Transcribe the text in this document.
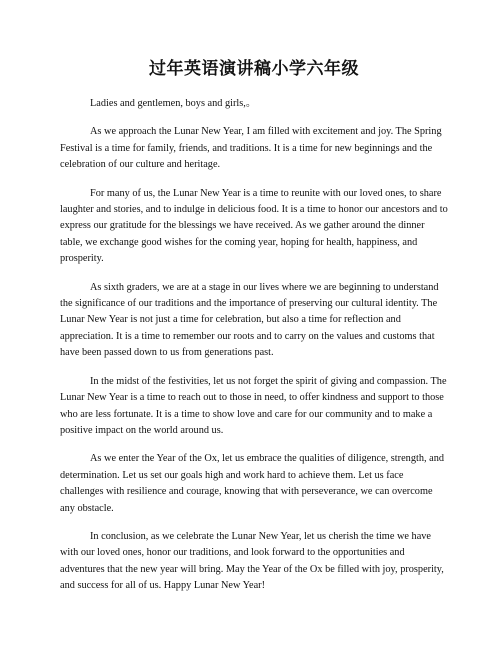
过年英语演讲稿小学六年级

Ladies and gentlemen, boys and girls,。

As we approach the Lunar New Year, I am filled with excitement and joy. The Spring Festival is a time for family, friends, and traditions. It is a time for new beginnings and the celebration of our culture and heritage.

For many of us, the Lunar New Year is a time to reunite with our loved ones, to share laughter and stories, and to indulge in delicious food. It is a time to honor our ancestors and to express our gratitude for the blessings we have received. As we gather around the dinner table, we exchange good wishes for the coming year, hoping for health, happiness, and prosperity.

As sixth graders, we are at a stage in our lives where we are beginning to understand the significance of our traditions and the importance of preserving our cultural identity. The Lunar New Year is not just a time for celebration, but also a time for reflection and appreciation. It is a time to remember our roots and to carry on the values and customs that have been passed down to us from generations past.

In the midst of the festivities, let us not forget the spirit of giving and compassion. The Lunar New Year is a time to reach out to those in need, to offer kindness and support to those who are less fortunate. It is a time to show love and care for our community and to make a positive impact on the world around us.

As we enter the Year of the Ox, let us embrace the qualities of diligence, strength, and determination. Let us set our goals high and work hard to achieve them. Let us face challenges with resilience and courage, knowing that with perseverance, we can overcome any obstacle.

In conclusion, as we celebrate the Lunar New Year, let us cherish the time we have with our loved ones, honor our traditions, and look forward to the opportunities and adventures that the new year will bring. May the Year of the Ox be filled with joy, prosperity, and success for all of us. Happy Lunar New Year!
